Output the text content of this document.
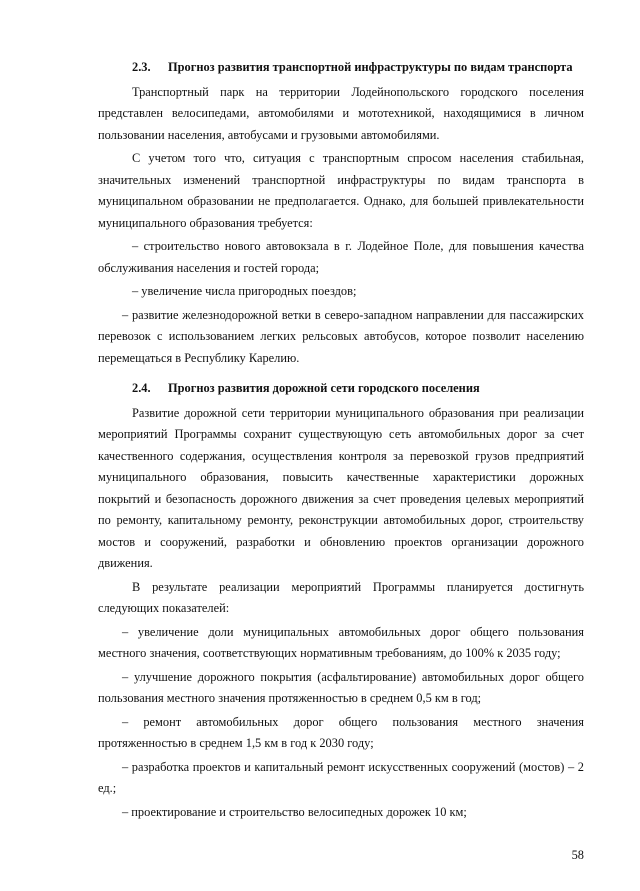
2.3. Прогноз развития транспортной инфраструктуры по видам транспорта

Транспортный парк на территории Лодейнопольского городского поселения представлен велосипедами, автомобилями и мототехникой, находящимися в личном пользовании населения, автобусами и грузовыми автомобилями.

С учетом того что, ситуация с транспортным спросом населения стабильная, значительных изменений транспортной инфраструктуры по видам транспорта в муниципальном образовании не предполагается. Однако, для большей привлекательности муниципального образования требуется:

– строительство нового автовокзала в г. Лодейное Поле, для повышения качества обслуживания населения и гостей города;

– увеличение числа пригородных поездов;

– развитие железнодорожной ветки в северо-западном направлении для пассажирских перевозок с использованием легких рельсовых автобусов, которое позволит населению перемещаться в Республику Карелию.

2.4. Прогноз развития дорожной сети городского поселения

Развитие дорожной сети территории муниципального образования при реализации мероприятий Программы сохранит существующую сеть автомобильных дорог за счет качественного содержания, осуществления контроля за перевозкой грузов предприятий муниципального образования, повысить качественные характеристики дорожных покрытий и безопасность дорожного движения за счет проведения целевых мероприятий по ремонту, капитальному ремонту, реконструкции автомобильных дорог, строительству мостов и сооружений, разработки и обновлению проектов организации дорожного движения.

В результате реализации мероприятий Программы планируется достигнуть следующих показателей:

– увеличение доли муниципальных автомобильных дорог общего пользования местного значения, соответствующих нормативным требованиям, до 100% к 2035 году;

– улучшение дорожного покрытия (асфальтирование) автомобильных дорог общего пользования местного значения протяженностью в среднем 0,5 км в год;

– ремонт автомобильных дорог общего пользования местного значения протяженностью в среднем 1,5 км в год к 2030 году;

– разработка проектов и капитальный ремонт искусственных сооружений (мостов) – 2 ед.;

– проектирование и строительство велосипедных дорожек 10 км;

58
